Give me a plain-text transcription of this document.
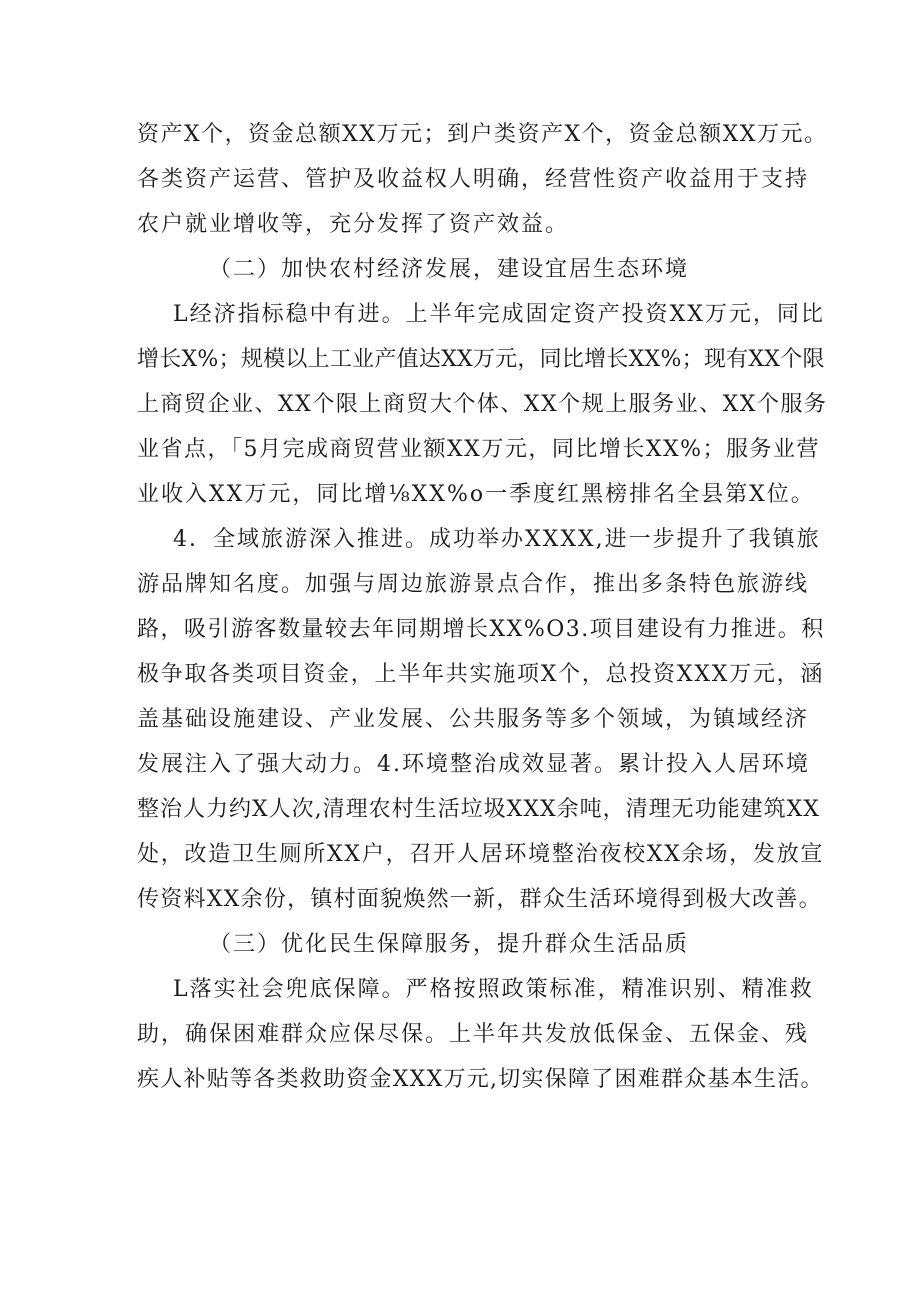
资产X个，资金总额XX万元；到户类资产X个，资金总额XX万元。
各类资产运营、管护及收益权人明确，经营性资产收益用于支持
农户就业增收等，充分发挥了资产效益。
（二）加快农村经济发展，建设宜居生态环境
L经济指标稳中有进。上半年完成固定资产投资XX万元，同比
增长X%；规模以上工业产值达XX万元，同比增长XX%；现有XX个限
上商贸企业、XX个限上商贸大个体、XX个规上服务业、XX个服务
业省点，「5月完成商贸营业额XX万元，同比增长XX%；服务业营
业收入XX万元，同比增⅛XX%o一季度红黑榜排名全县第X位。
4．全域旅游深入推进。成功举办XXXX,进一步提升了我镇旅
游品牌知名度。加强与周边旅游景点合作，推出多条特色旅游线
路，吸引游客数量较去年同期增长XX%O3.项目建设有力推进。积
极争取各类项目资金，上半年共实施项X个，总投资XXX万元，涵
盖基础设施建设、产业发展、公共服务等多个领域，为镇域经济
发展注入了强大动力。4.环境整治成效显著。累计投入人居环境
整治人力约X人次,清理农村生活垃圾XXX余吨，清理无功能建筑XX
处，改造卫生厕所XX户，召开人居环境整治夜校XX余场，发放宣
传资料XX余份，镇村面貌焕然一新，群众生活环境得到极大改善。
（三）优化民生保障服务，提升群众生活品质
L落实社会兜底保障。严格按照政策标准，精准识别、精准救
助，确保困难群众应保尽保。上半年共发放低保金、五保金、残
疾人补贴等各类救助资金XXX万元,切实保障了困难群众基本生活。
